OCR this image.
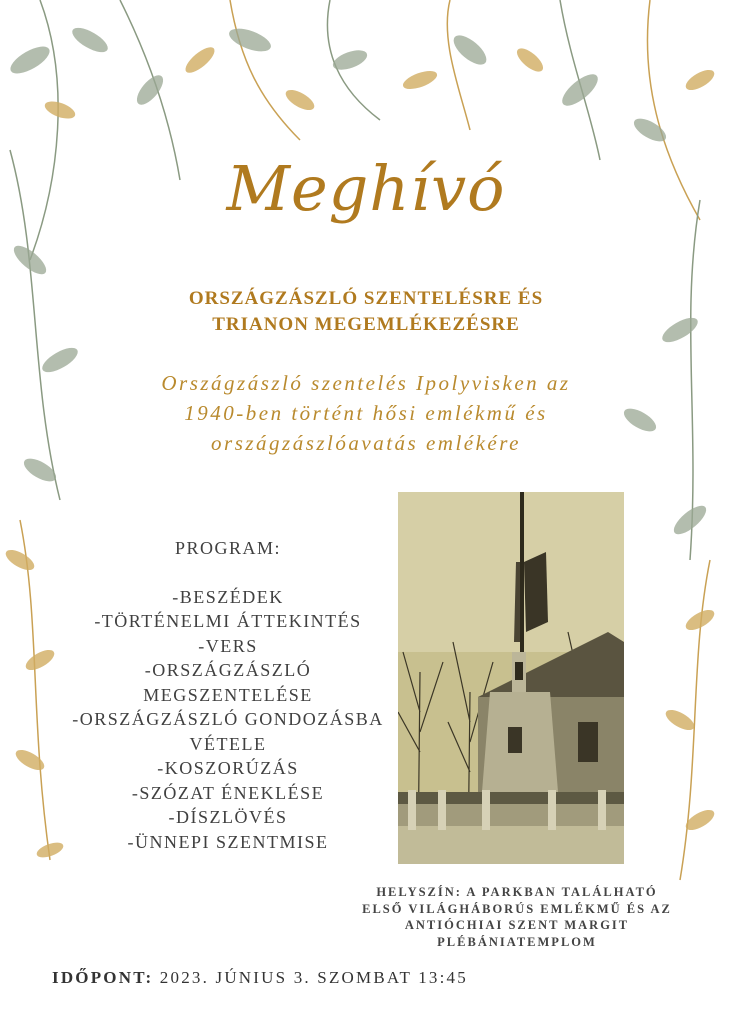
Meghívó
ORSZÁGZÁSZLÓ SZENTELÉSRE ÉS
TRIANON MEGEMLÉKEZÉSRE
Országzászló szentelés Ipolyvisken az
1940-ben történt hősi emlékmű és
országzászlóavatás emlékére
PROGRAM:
-BESZÉDEK
-TÖRTÉNELMI ÁTTEKINTÉS
-VERS
-ORSZÁGZÁSZLÓ
MEGSZENTELÉSE
-ORSZÁGZÁSZLÓ GONDOZÁSBA
VÉTELE
-KOSZORÚZÁS
-SZÓZAT ÉNEKLÉSE
-DÍSZLÖVÉS
-ÜNNEPI SZENTMISE
HELYSZÍN: A PARKBAN TALÁLHATÓ
ELSŐ VILÁGHÁBORÚS EMLÉKMŰ ÉS AZ
ANTIÓCHIAI SZENT MARGIT
PLÉBÁNIATEMPLOM
IDŐPONT: 2023. JÚNIUS 3. SZOMBAT 13:45
